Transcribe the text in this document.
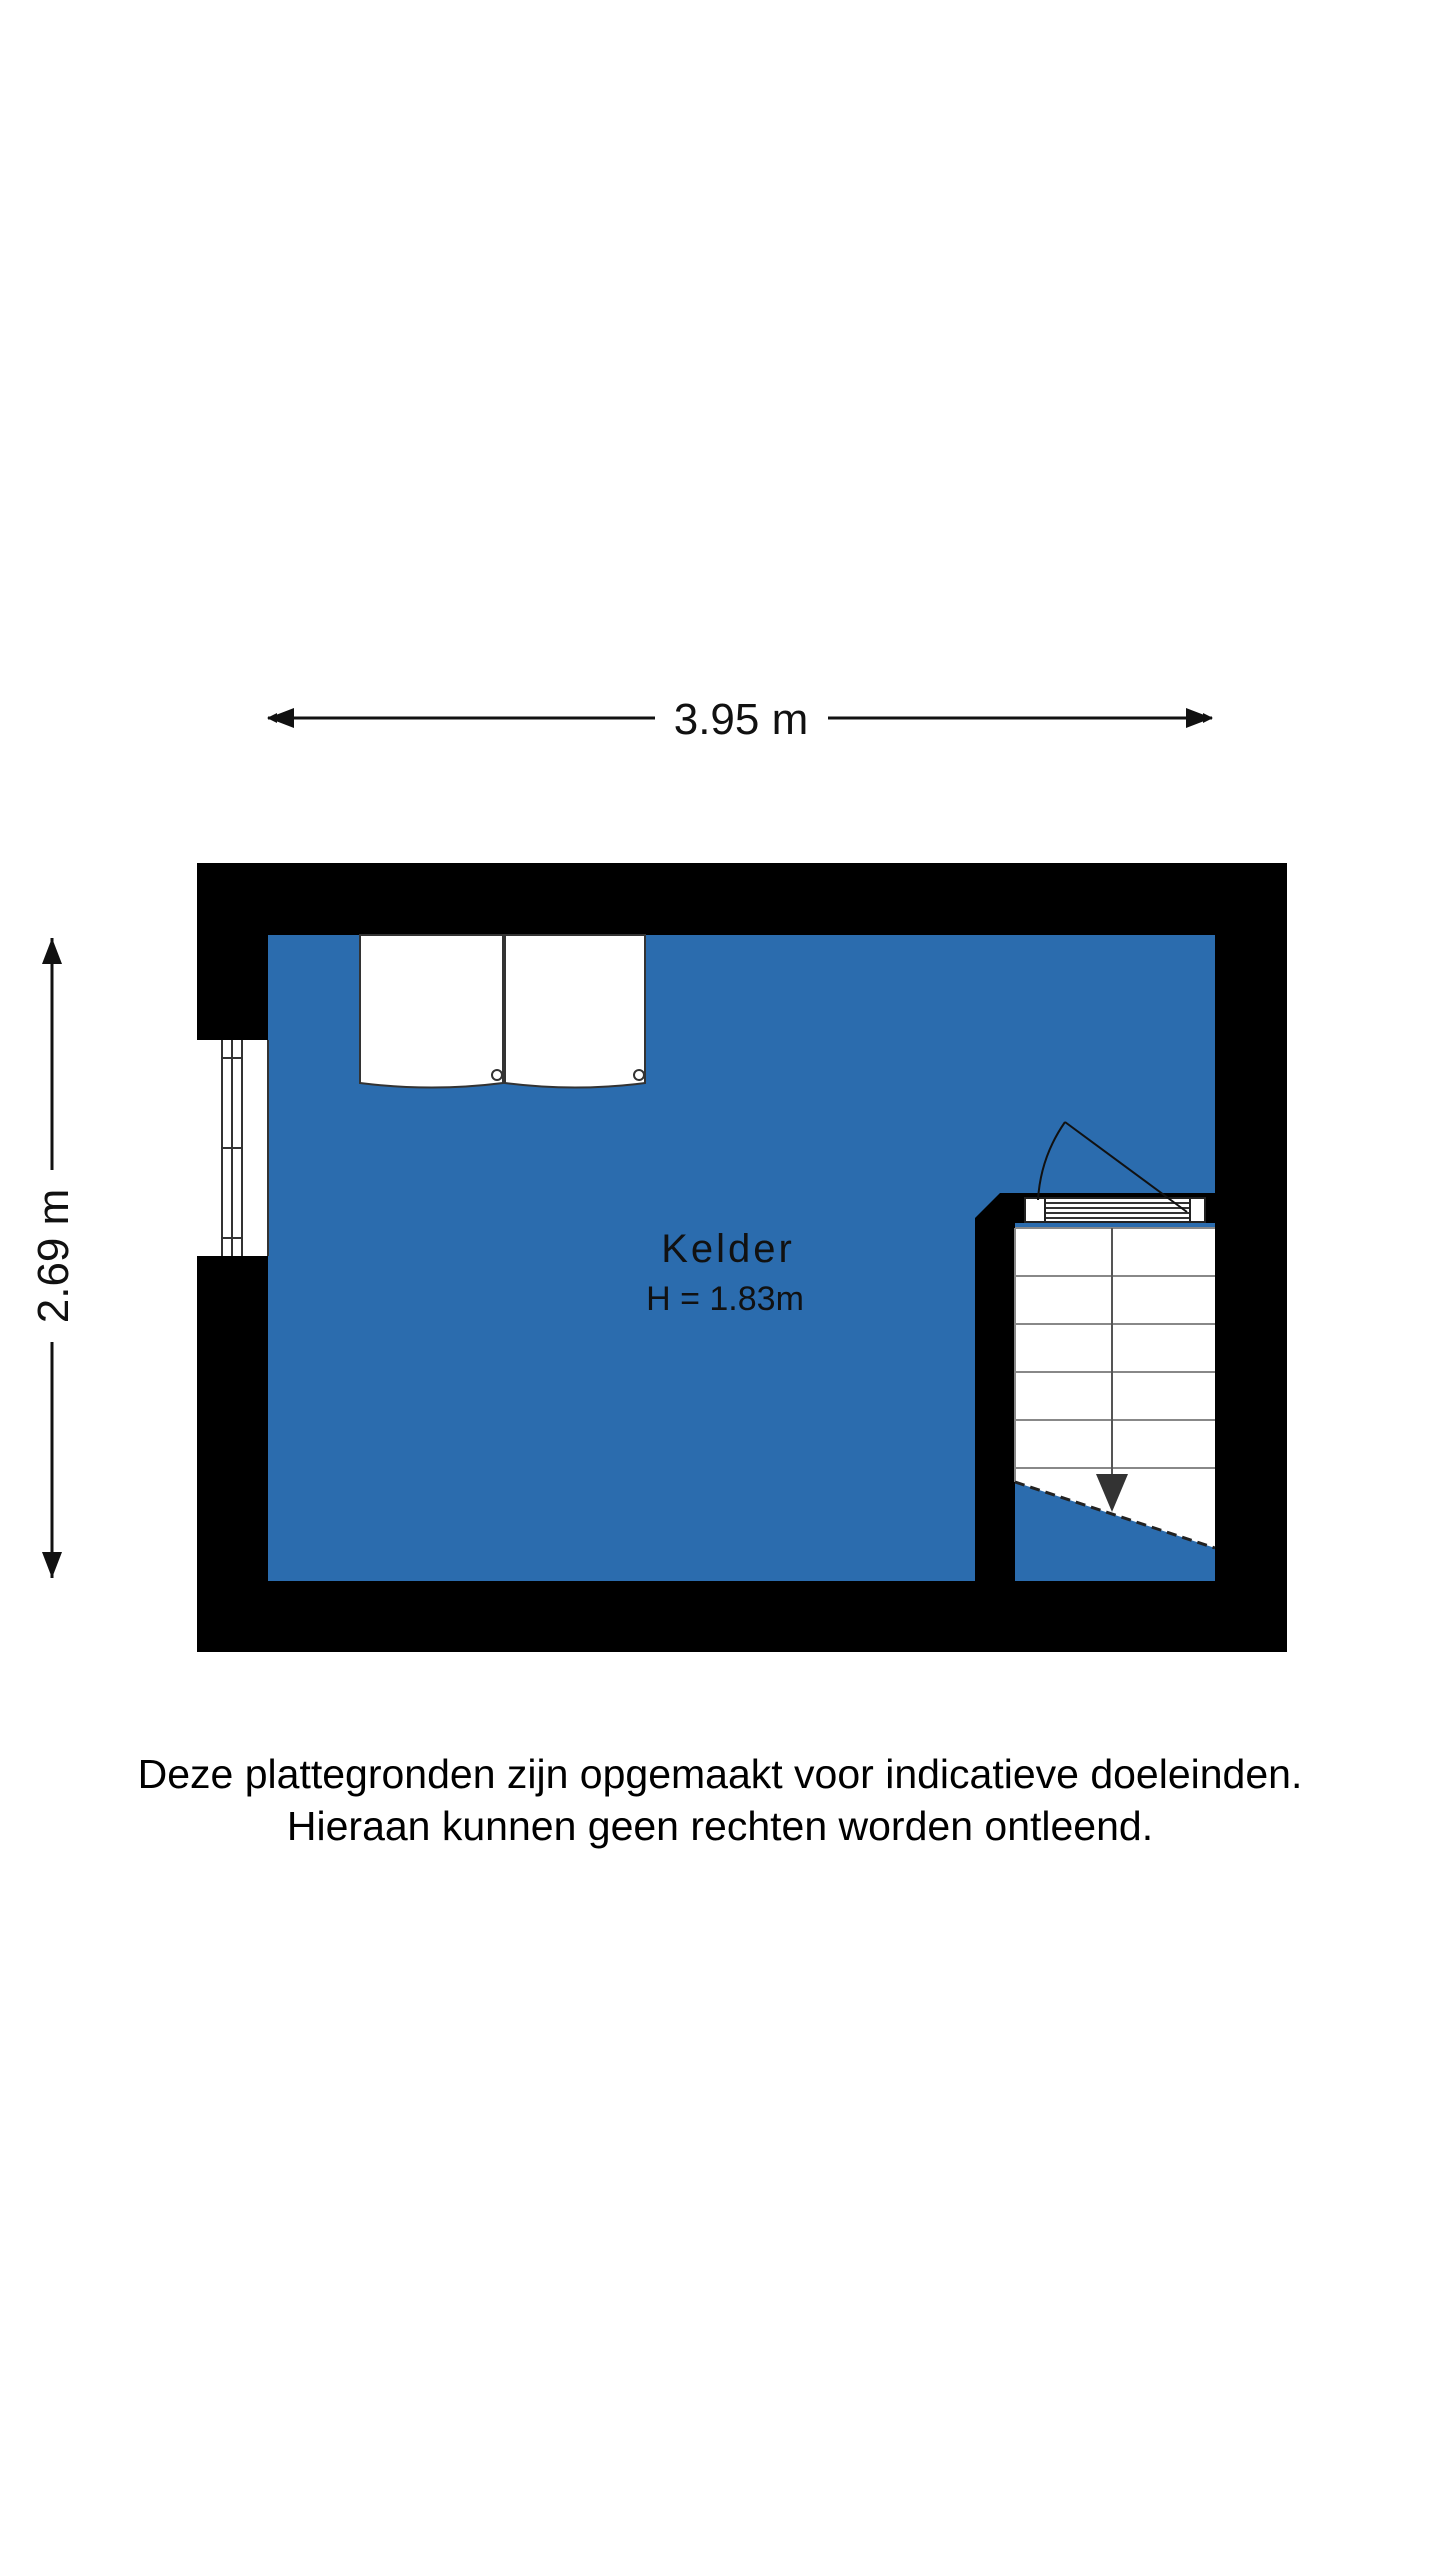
3.95 m
2.69 m	Kelder
H = 1.83m
Deze plattegronden zijn opgemaakt voor indicatieve doeleinden.
Hieraan kunnen geen rechten worden ontleend.
